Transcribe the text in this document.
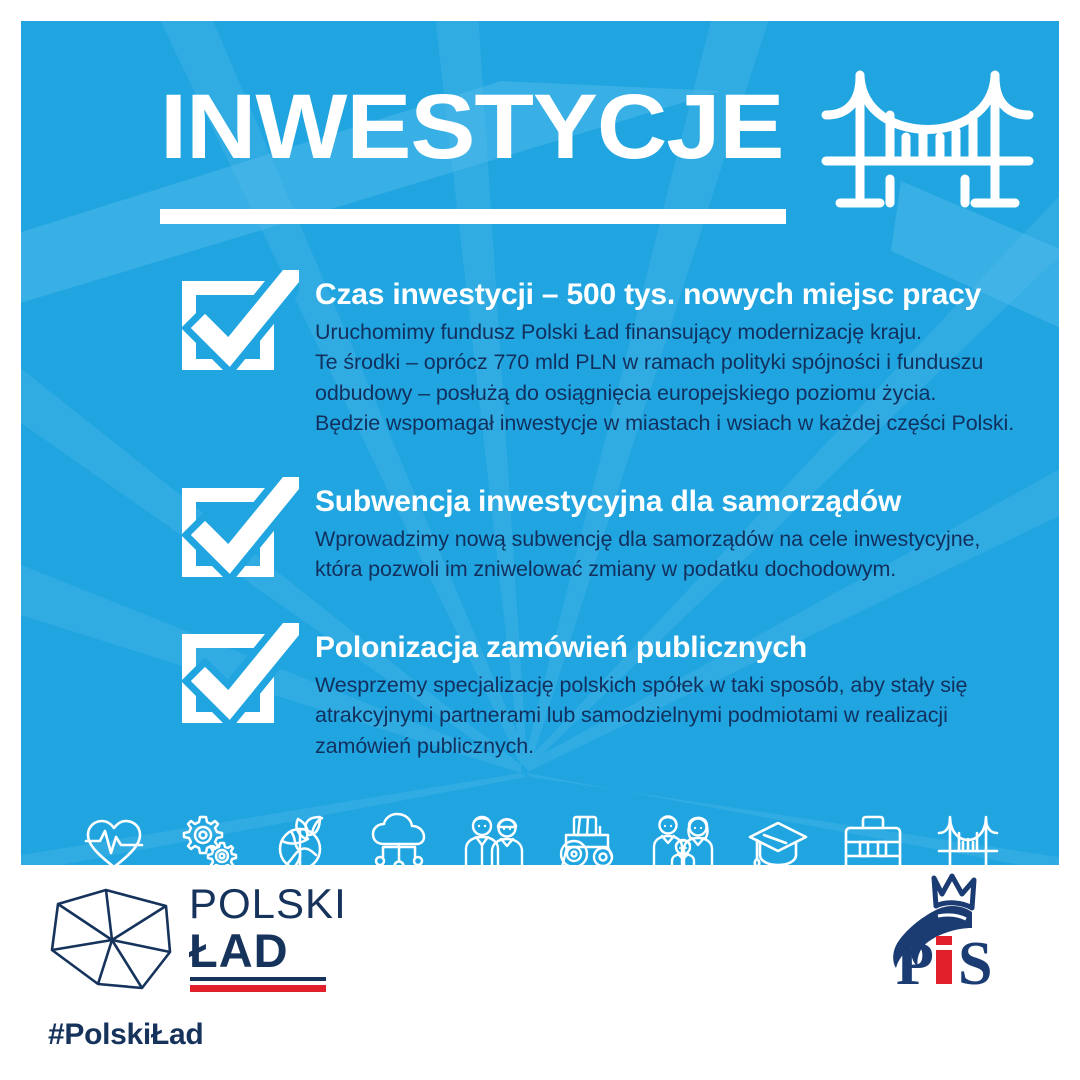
INWESTYCJE

Czas inwestycji – 500 tys. nowych miejsc pracy

Uruchomimy fundusz Polski Ład finansujący modernizację kraju.
Te środki – oprócz 770 mld PLN w ramach polityki spójności i funduszu
odbudowy – posłużą do osiągnięcia europejskiego poziomu życia.
Będzie wspomagał inwestycje w miastach i wsiach w każdej części Polski.

Subwencja inwestycyjna dla samorządów

Wprowadzimy nową subwencję dla samorządów na cele inwestycyjne,
która pozwoli im zniwelować zmiany w podatku dochodowym.

Polonizacja zamówień publicznych

Wesprzemy specjalizację polskich spółek w taki sposób, aby stały się
atrakcyjnymi partnerami lub samodzielnymi podmiotami w realizacji
zamówień publicznych.

POLSKI

ŁAD

#PolskiŁad

P S
